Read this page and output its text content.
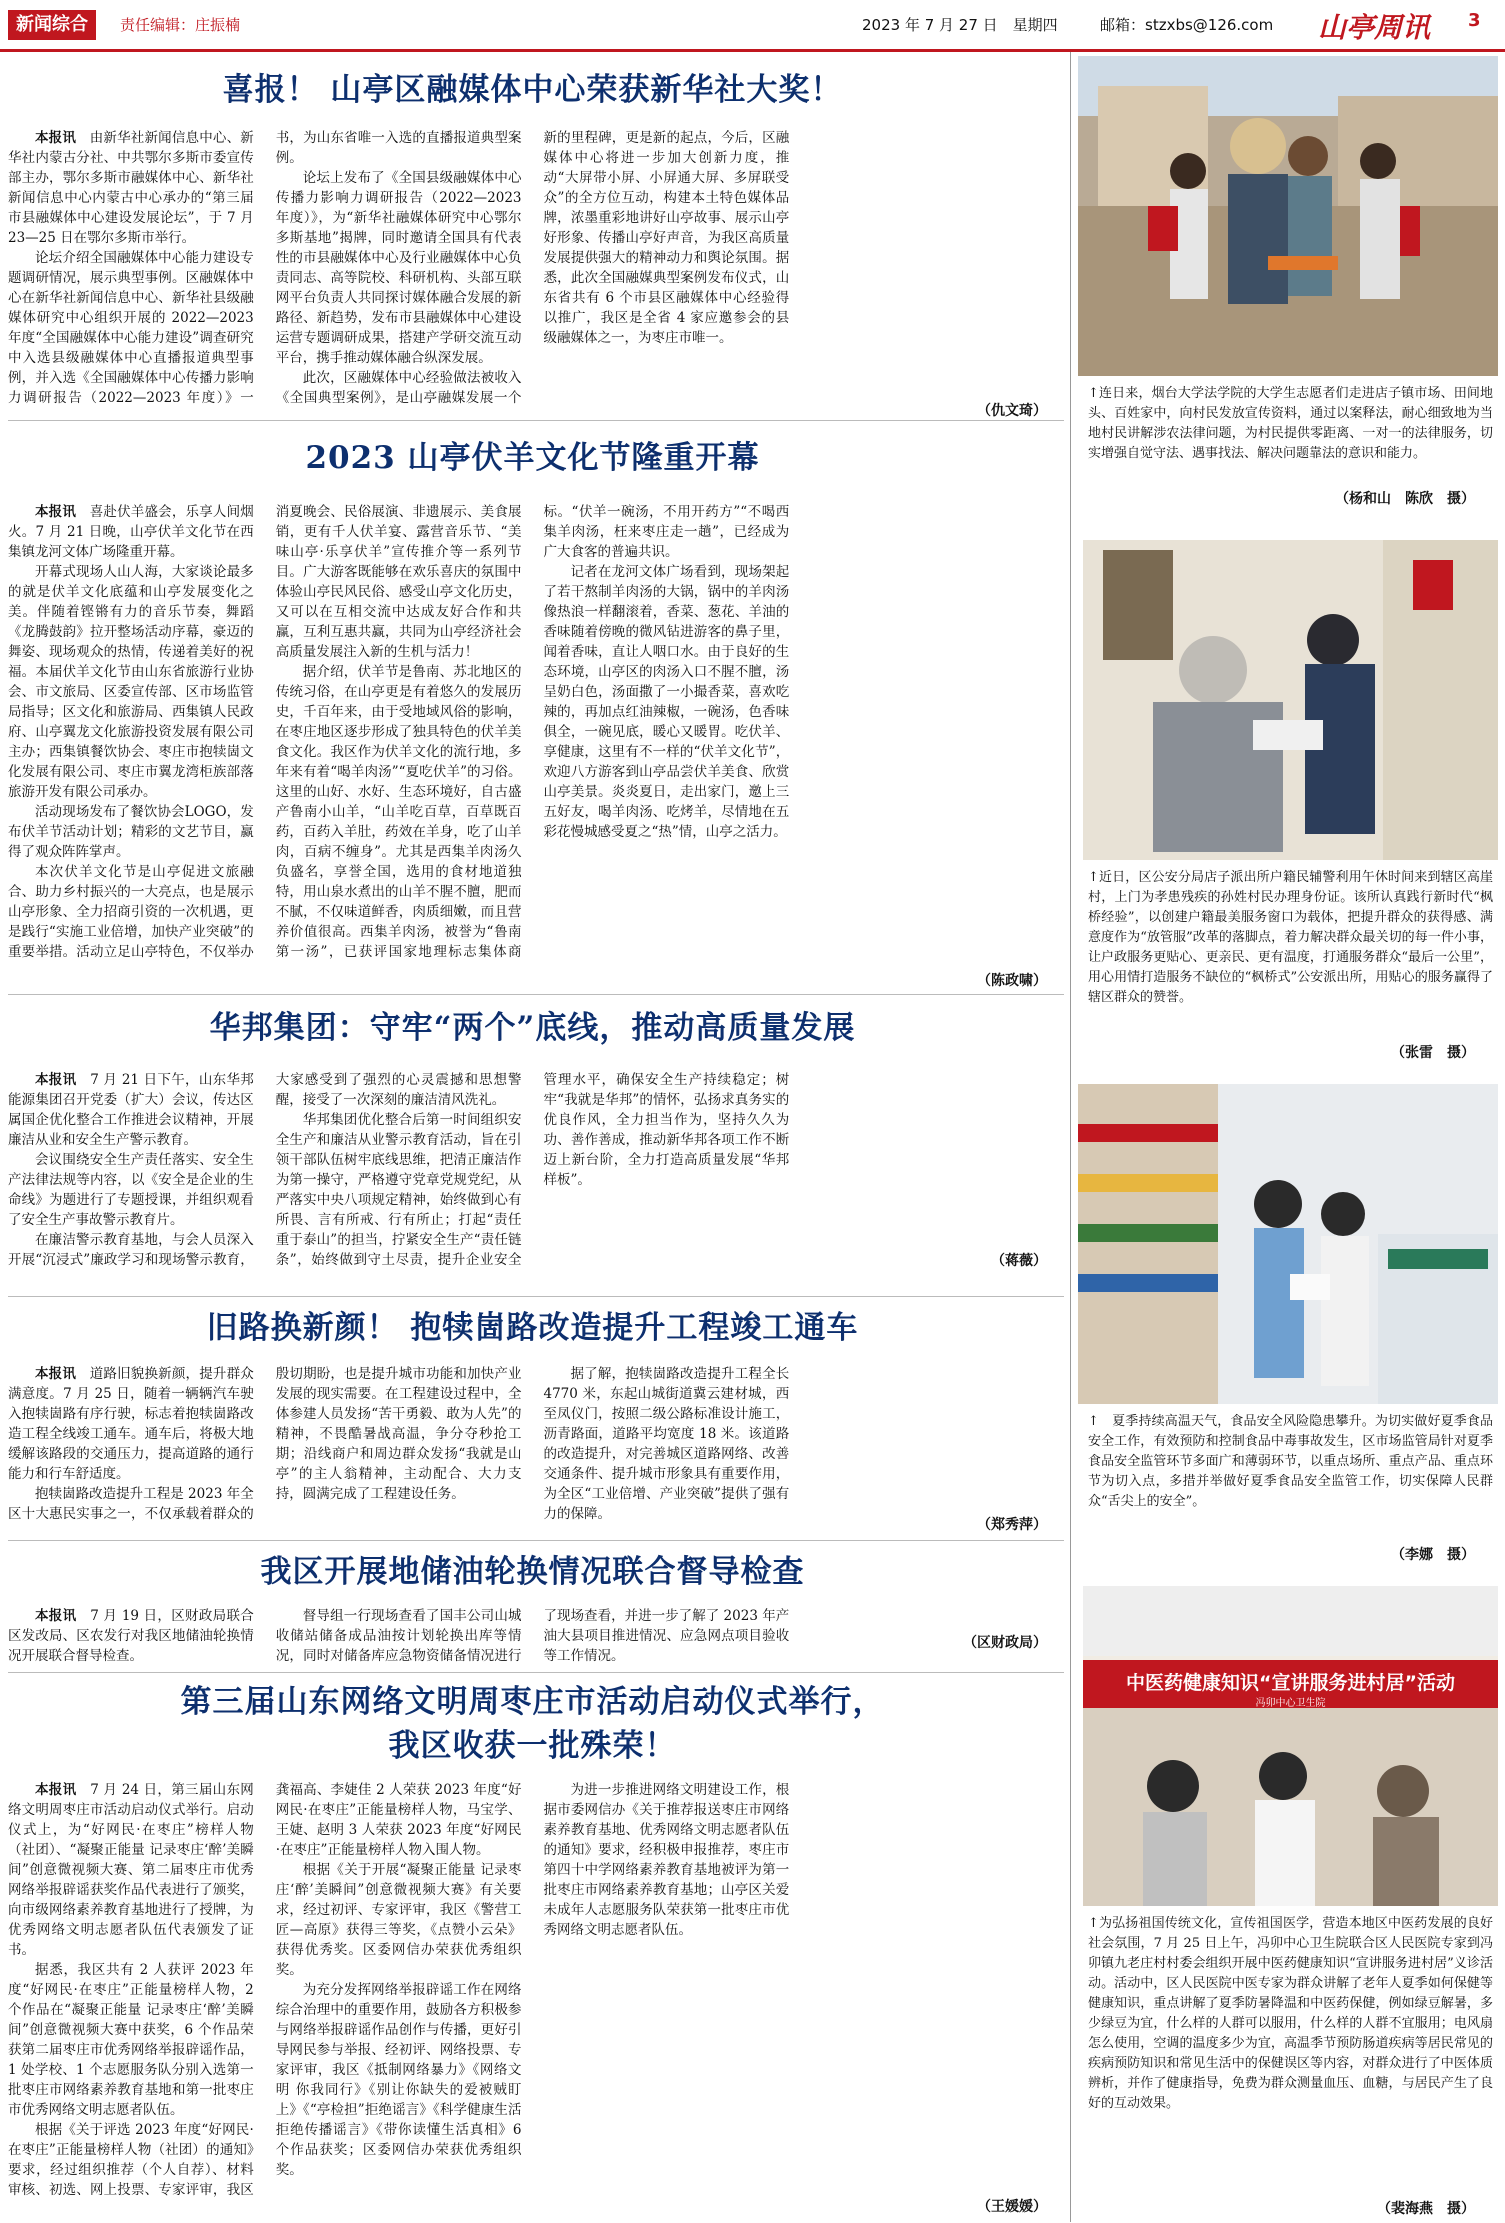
新闻综合	责任编辑：庄振楠	2023 年 7 月 27 日　星期四	邮箱：stzxbs@126.com 山亭周讯 3
喜报！ 山亭区融媒体中心荣获新华社大奖！

本报讯　 由新华社新闻信息中心、新华社内蒙古分社、中共鄂尔多斯市委宣传部主办，鄂尔多斯市融媒体中心、新华社新闻信息中心内蒙古中心承办的“第三届市县融媒体中心建设发展论坛”，于 7 月 23—25 日在鄂尔多斯市举行。

论坛介绍全国融媒体中心能力建设专题调研情况，展示典型事例。区融媒体中心在新华社新闻信息中心、新华社县级融媒体研究中心组织开展的 2022—2023 年度“全国融媒体中心能力建设”调查研究中入选县级融媒体中心直播报道典型事例，并入选《全国融媒体中心传播力影响力调研报告（2022—2023 年度）》一书，为山东省唯一入选的直播报道典型案例。

论坛上发布了《全国县级融媒体中心传播力影响力调研报告（2022—2023 年度）》，为“新华社融媒体研究中心鄂尔多斯基地”揭牌，同时邀请全国具有代表性的市县融媒体中心及行业融媒体中心负责同志、高等院校、科研机构、头部互联网平台负责人共同探讨媒体融合发展的新路径、新趋势，发布市县融媒体中心建设运营专题调研成果，搭建产学研交流互动平台，携手推动媒体融合纵深发展。

此次，区融媒体中心经验做法被收入《全国典型案例》，是山亭融媒发展一个新的里程碑，更是新的起点，今后，区融媒体中心将进一步加大创新力度，推动“大屏带小屏、小屏通大屏、多屏联受众”的全方位互动，构建本土特色媒体品牌，浓墨重彩地讲好山亭故事、展示山亭好形象、传播山亭好声音，为我区高质量发展提供强大的精神动力和舆论氛围。据悉，此次全国融媒典型案例发布仪式，山东省共有 6 个市县区融媒体中心经验得以推广，我区是全省 4 家应邀参会的县级融媒体之一，为枣庄市唯一。

（仇文琦）
2023 山亭伏羊文化节隆重开幕

本报讯　 喜赴伏羊盛会，乐享人间烟火。7 月 21 日晚，山亭伏羊文化节在西集镇龙河文体广场隆重开幕。

开幕式现场人山人海，大家谈论最多的就是伏羊文化底蕴和山亭发展变化之美。伴随着铿锵有力的音乐节奏，舞蹈《龙腾鼓韵》拉开整场活动序幕，豪迈的舞姿、现场观众的热情，传递着美好的祝福。本届伏羊文化节由山东省旅游行业协会、市文旅局、区委宣传部、区市场监管局指导；区文化和旅游局、西集镇人民政府、山亭翼龙文化旅游投资发展有限公司主办；西集镇餐饮协会、枣庄市抱犊崮文化发展有限公司、枣庄市翼龙湾柜族部落旅游开发有限公司承办。

活动现场发布了餐饮协会LOGO，发布伏羊节活动计划；精彩的文艺节目，赢得了观众阵阵掌声。

本次伏羊文化节是山亭促进文旅融合、助力乡村振兴的一大亮点，也是展示山亭形象、全力招商引资的一次机遇，更是践行“实施工业倍增，加快产业突破”的重要举措。活动立足山亭特色，不仅举办消夏晚会、民俗展演、非遗展示、美食展销，更有千人伏羊宴、露营音乐节、“美味山亭·乐享伏羊”宣传推介等一系列节目。广大游客既能够在欢乐喜庆的氛围中体验山亭民风民俗、感受山亭文化历史，又可以在互相交流中达成友好合作和共赢，互利互惠共赢，共同为山亭经济社会高质量发展注入新的生机与活力！

据介绍，伏羊节是鲁南、苏北地区的传统习俗，在山亭更是有着悠久的发展历史，千百年来，由于受地域风俗的影响，在枣庄地区逐步形成了独具特色的伏羊美食文化。我区作为伏羊文化的流行地，多年来有着“喝羊肉汤”“夏吃伏羊”的习俗。这里的山好、水好、生态环境好，自古盛产鲁南小山羊，“山羊吃百草，百草既百药，百药入羊肚，药效在羊身，吃了山羊肉，百病不缠身”。尤其是西集羊肉汤久负盛名，享誉全国，选用的食材地道独特，用山泉水煮出的山羊不腥不膻，肥而不腻，不仅味道鲜香，肉质细嫩，而且营养价值很高。西集羊肉汤，被誉为“鲁南第一汤”，已获评国家地理标志集体商标。“伏羊一碗汤，不用开药方”“不喝西集羊肉汤，枉来枣庄走一趟”，已经成为广大食客的普遍共识。

记者在龙河文体广场看到，现场架起了若干熬制羊肉汤的大锅，锅中的羊肉汤像热浪一样翻滚着，香菜、葱花、羊油的香味随着傍晚的微风钻进游客的鼻子里，闻着香味，直让人咽口水。由于良好的生态环境，山亭区的肉汤入口不腥不膻，汤呈奶白色，汤面撒了一小撮香菜，喜欢吃辣的，再加点红油辣椒，一碗汤，色香味俱全，一碗见底，暖心又暖胃。吃伏羊、享健康，这里有不一样的“伏羊文化节”，欢迎八方游客到山亭品尝伏羊美食、欣赏山亭美景。炎炎夏日，走出家门，邀上三五好友，喝羊肉汤、吃烤羊，尽情地在五彩花慢城感受夏之“热”情，山亭之活力。

（陈政啸）
华邦集团：守牢“两个”底线，推动高质量发展

本报讯　 7 月 21 日下午，山东华邦能源集团召开党委（扩大）会议，传达区属国企优化整合工作推进会议精神，开展廉洁从业和安全生产警示教育。

会议围绕安全生产责任落实、安全生产法律法规等内容，以《安全是企业的生命线》为题进行了专题授课，并组织观看了安全生产事故警示教育片。

在廉洁警示教育基地，与会人员深入开展“沉浸式”廉政学习和现场警示教育，大家感受到了强烈的心灵震撼和思想警醒，接受了一次深刻的廉洁清风洗礼。

华邦集团优化整合后第一时间组织安全生产和廉洁从业警示教育活动，旨在引领干部队伍树牢底线思维，把清正廉洁作为第一操守，严格遵守党章党规党纪，从严落实中央八项规定精神，始终做到心有所畏、言有所戒、行有所止；打起“责任重于泰山”的担当，拧紧安全生产“责任链条”，始终做到守土尽责，提升企业安全管理水平，确保安全生产持续稳定；树牢“我就是华邦”的情怀，弘扬求真务实的优良作风，全力担当作为，坚持久久为功、善作善成，推动新华邦各项工作不断迈上新台阶，全力打造高质量发展“华邦样板”。

（蒋薇）
旧路换新颜！ 抱犊崮路改造提升工程竣工通车

本报讯　 道路旧貌换新颜，提升群众满意度。7 月 25 日，随着一辆辆汽车驶入抱犊崮路有序行驶，标志着抱犊崮路改造工程全线竣工通车。通车后，将极大地缓解该路段的交通压力，提高道路的通行能力和行车舒适度。

抱犊崮路改造提升工程是 2023 年全区十大惠民实事之一，不仅承载着群众的殷切期盼，也是提升城市功能和加快产业发展的现实需要。在工程建设过程中，全体参建人员发扬“苦干勇毅、敢为人先”的精神，不畏酷暑战高温，争分夺秒抢工期；沿线商户和周边群众发扬“我就是山亭”的主人翁精神，主动配合、大力支持，圆满完成了工程建设任务。

据了解，抱犊崮路改造提升工程全长 4770 米，东起山城街道冀云建材城，西至凤仪门，按照二级公路标准设计施工，沥青路面，道路平均宽度 18 米。该道路的改造提升，对完善城区道路网络、改善交通条件、提升城市形象具有重要作用，为全区“工业倍增、产业突破”提供了强有力的保障。

（郑秀萍）
我区开展地储油轮换情况联合督导检查

本报讯　 7 月 19 日，区财政局联合区发改局、区农发行对我区地储油轮换情况开展联合督导检查。

督导组一行现场查看了国丰公司山城收储站储备成品油按计划轮换出库等情况，同时对储备库应急物资储备情况进行了现场查看，并进一步了解了 2023 年产油大县项目推进情况、应急网点项目验收等工作情况。

（区财政局）
第三届山东网络文明周枣庄市活动启动仪式举行，
我区收获一批殊荣！

本报讯　 7 月 24 日，第三届山东网络文明周枣庄市活动启动仪式举行。启动仪式上，为“好网民·在枣庄”榜样人物（社团）、“凝聚正能量 记录枣庄‘醉’美瞬间”创意微视频大赛、第二届枣庄市优秀网络举报辟谣获奖作品代表进行了颁奖，向市级网络素养教育基地进行了授牌，为优秀网络文明志愿者队伍代表颁发了证书。

据悉，我区共有 2 人获评 2023 年度“好网民·在枣庄”正能量榜样人物，2 个作品在“凝聚正能量 记录枣庄‘醉’美瞬间”创意微视频大赛中获奖，6 个作品荣获第二届枣庄市优秀网络举报辟谣作品，1 处学校、1 个志愿服务队分别入选第一批枣庄市网络素养教育基地和第一批枣庄市优秀网络文明志愿者队伍。

根据《关于评选 2023 年度“好网民·在枣庄”正能量榜样人物（社团）的通知》要求，经过组织推荐（个人自荐）、材料审核、初选、网上投票、专家评审，我区龚福高、李婕佳 2 人荣获 2023 年度“好网民·在枣庄”正能量榜样人物，马宝学、王婕、赵明 3 人荣获 2023 年度“好网民·在枣庄”正能量榜样人物入围人物。

根据《关于开展“凝聚正能量 记录枣庄‘醉’美瞬间”创意微视频大赛》有关要求，经过初评、专家评审，我区《警营工匠—高原》获得三等奖，《点赞小云朵》获得优秀奖。区委网信办荣获优秀组织奖。

为充分发挥网络举报辟谣工作在网络综合治理中的重要作用，鼓励各方积极参与网络举报辟谣作品创作与传播，更好引导网民参与举报、经初评、网络投票、专家评审，我区《抵制网络暴力》《网络文明 你我同行》《别让你缺失的爱被贼盯上》《“亭检担”拒绝谣言》《科学健康生活 拒绝传播谣言》《带你读懂生活真相》6 个作品获奖；区委网信办荣获优秀组织奖。

为进一步推进网络文明建设工作，根据市委网信办《关于推荐报送枣庄市网络素养教育基地、优秀网络文明志愿者队伍的通知》要求，经积极申报推荐，枣庄市第四十中学网络素养教育基地被评为第一批枣庄市网络素养教育基地；山亭区关爱未成年人志愿服务队荣获第一批枣庄市优秀网络文明志愿者队伍。

（王媛媛）
↑连日来，烟台大学法学院的大学生志愿者们走进店子镇市场、田间地头、百姓家中，向村民发放宣传资料，通过以案释法，耐心细致地为当地村民讲解涉农法律问题，为村民提供零距离、一对一的法律服务，切实增强自觉守法、遇事找法、解决问题靠法的意识和能力。
（杨和山　陈欣　摄）
↑近日，区公安分局店子派出所户籍民辅警利用午休时间来到辖区高崖村，上门为孝患残疾的孙姓村民办理身份证。该所认真践行新时代“枫桥经验”，以创建户籍最美服务窗口为载体，把提升群众的获得感、满意度作为“放管服”改革的落脚点，着力解决群众最关切的每一件小事，让户政服务更贴心、更亲民、更有温度，打通服务群众“最后一公里”，用心用情打造服务不缺位的“枫桥式”公安派出所，用贴心的服务赢得了辖区群众的赞誉。
（张雷　摄）
↑　夏季持续高温天气，食品安全风险隐患攀升。为切实做好夏季食品安全工作，有效预防和控制食品中毒事故发生，区市场监管局针对夏季食品安全监管环节多面广和薄弱环节，以重点场所、重点产品、重点环节为切入点，多措并举做好夏季食品安全监管工作，切实保障人民群众“舌尖上的安全”。
（李娜　摄）
中医药健康知识“宣讲服务进村居”活动
冯卯中心卫生院
↑为弘扬祖国传统文化，宣传祖国医学，营造本地区中医药发展的良好社会氛围，7 月 25 日上午，冯卯中心卫生院联合区人民医院专家到冯卯镇九老庄村村委会组织开展中医药健康知识“宣讲服务进村居”义诊活动。活动中，区人民医院中医专家为群众讲解了老年人夏季如何保健等健康知识，重点讲解了夏季防暑降温和中医药保健，例如绿豆解暑，多少绿豆为宜，什么样的人群可以服用，什么样的人群不宜服用；电风扇怎么使用，空调的温度多少为宜，高温季节预防肠道疾病等居民常见的疾病预防知识和常见生活中的保健误区等内容，对群众进行了中医体质辨析，并作了健康指导，免费为群众测量血压、血糖，与居民产生了良好的互动效果。
（裴海燕　摄）
